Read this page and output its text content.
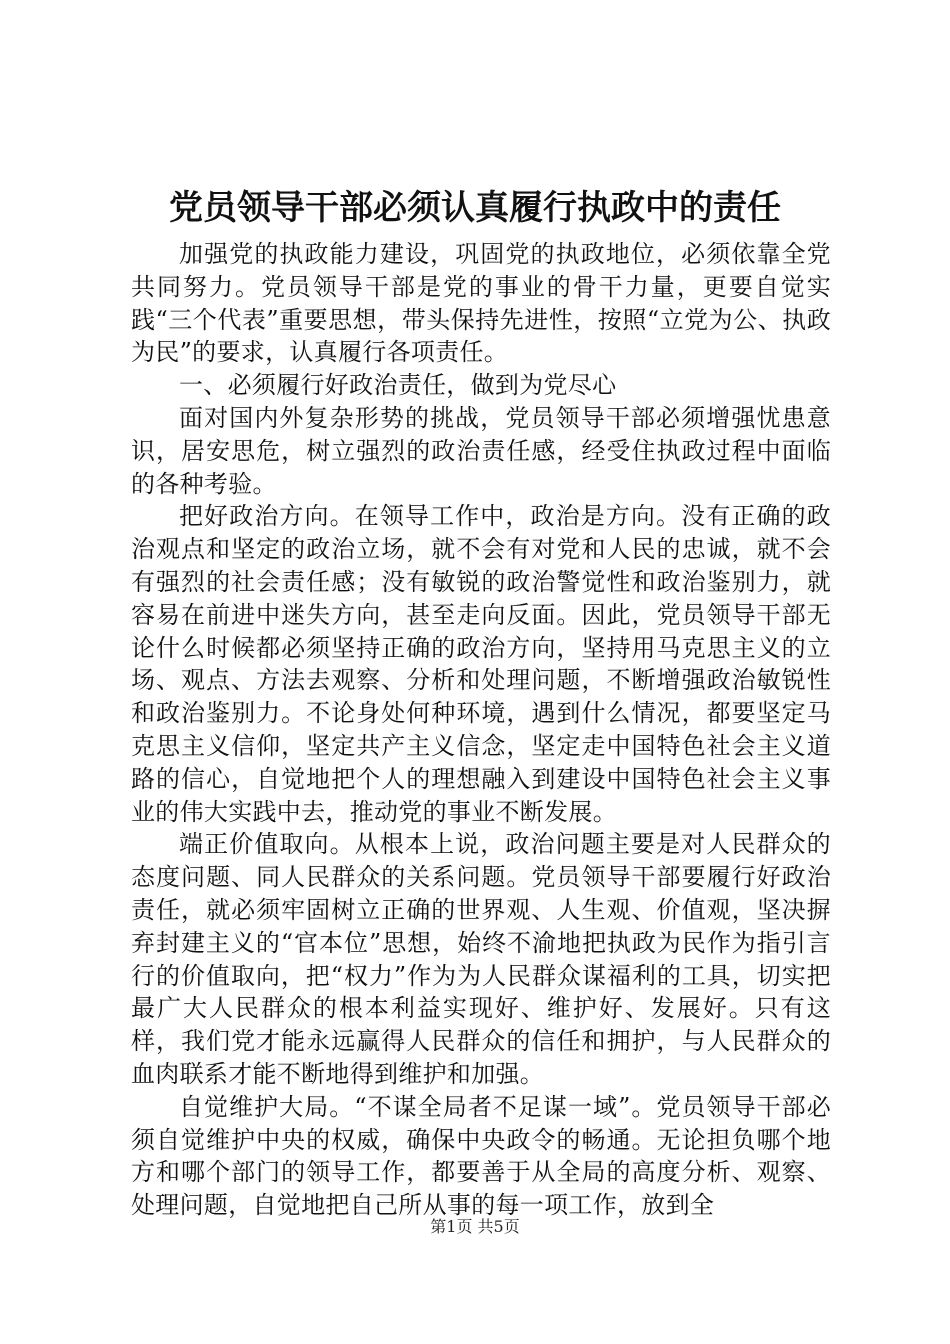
党员领导干部必须认真履行执政中的责任

加强党的执政能力建设，巩固党的执政地位，必须依靠全党共同努力。党员领导干部是党的事业的骨干力量，更要自觉实践“三个代表”重要思想，带头保持先进性，按照“立党为公、执政为民”的要求，认真履行各项责任。

一、必须履行好政治责任，做到为党尽心

面对国内外复杂形势的挑战，党员领导干部必须增强忧患意识，居安思危，树立强烈的政治责任感，经受住执政过程中面临的各种考验。

把好政治方向。在领导工作中，政治是方向。没有正确的政治观点和坚定的政治立场，就不会有对党和人民的忠诚，就不会有强烈的社会责任感；没有敏锐的政治警觉性和政治鉴别力，就容易在前进中迷失方向，甚至走向反面。因此，党员领导干部无论什么时候都必须坚持正确的政治方向，坚持用马克思主义的立场、观点、方法去观察、分析和处理问题，不断增强政治敏锐性和政治鉴别力。不论身处何种环境，遇到什么情况，都要坚定马克思主义信仰，坚定共产主义信念，坚定走中国特色社会主义道路的信心，自觉地把个人的理想融入到建设中国特色社会主义事业的伟大实践中去，推动党的事业不断发展。

端正价值取向。从根本上说，政治问题主要是对人民群众的态度问题、同人民群众的关系问题。党员领导干部要履行好政治责任，就必须牢固树立正确的世界观、人生观、价值观，坚决摒弃封建主义的“官本位”思想，始终不渝地把执政为民作为指引言行的价值取向，把“权力”作为为人民群众谋福利的工具，切实把最广大人民群众的根本利益实现好、维护好、发展好。只有这样，我们党才能永远赢得人民群众的信任和拥护，与人民群众的血肉联系才能不断地得到维护和加强。

自觉维护大局。“不谋全局者不足谋一域”。党员领导干部必须自觉维护中央的权威，确保中央政令的畅通。无论担负哪个地方和哪个部门的领导工作，都要善于从全局的高度分析、观察、处理问题，自觉地把自己所从事的每一项工作，放到全

第1页 共5页
